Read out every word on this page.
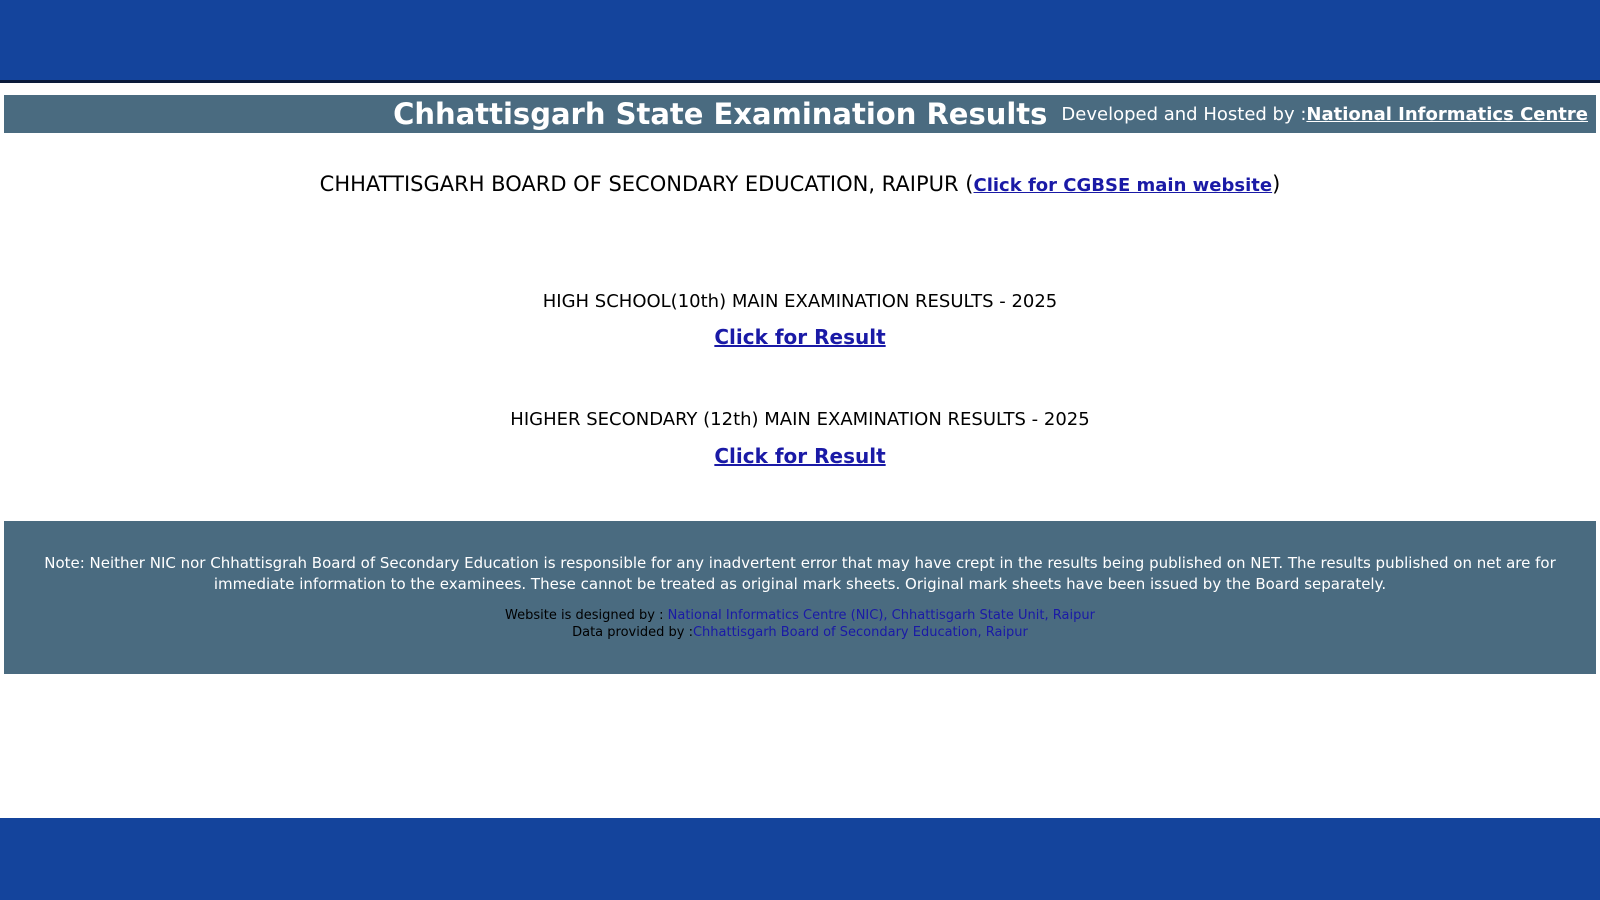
Chhattisgarh State Examination Results Developed and Hosted by :National Informatics Centre
CHHATTISGARH BOARD OF SECONDARY EDUCATION, RAIPUR (Click for CGBSE main website)
HIGH SCHOOL(10th) MAIN EXAMINATION RESULTS - 2025
Click for Result
HIGHER SECONDARY (12th) MAIN EXAMINATION RESULTS - 2025
Click for Result
Note: Neither NIC nor Chhattisgrah Board of Secondary Education is responsible for any inadvertent error that may have crept in the results being published on NET. The results published on net are for immediate information to the examinees. These cannot be treated as original mark sheets. Original mark sheets have been issued by the Board separately.
Website is designed by : National Informatics Centre (NIC), Chhattisgarh State Unit, Raipur
Data provided by :Chhattisgarh Board of Secondary Education, Raipur
